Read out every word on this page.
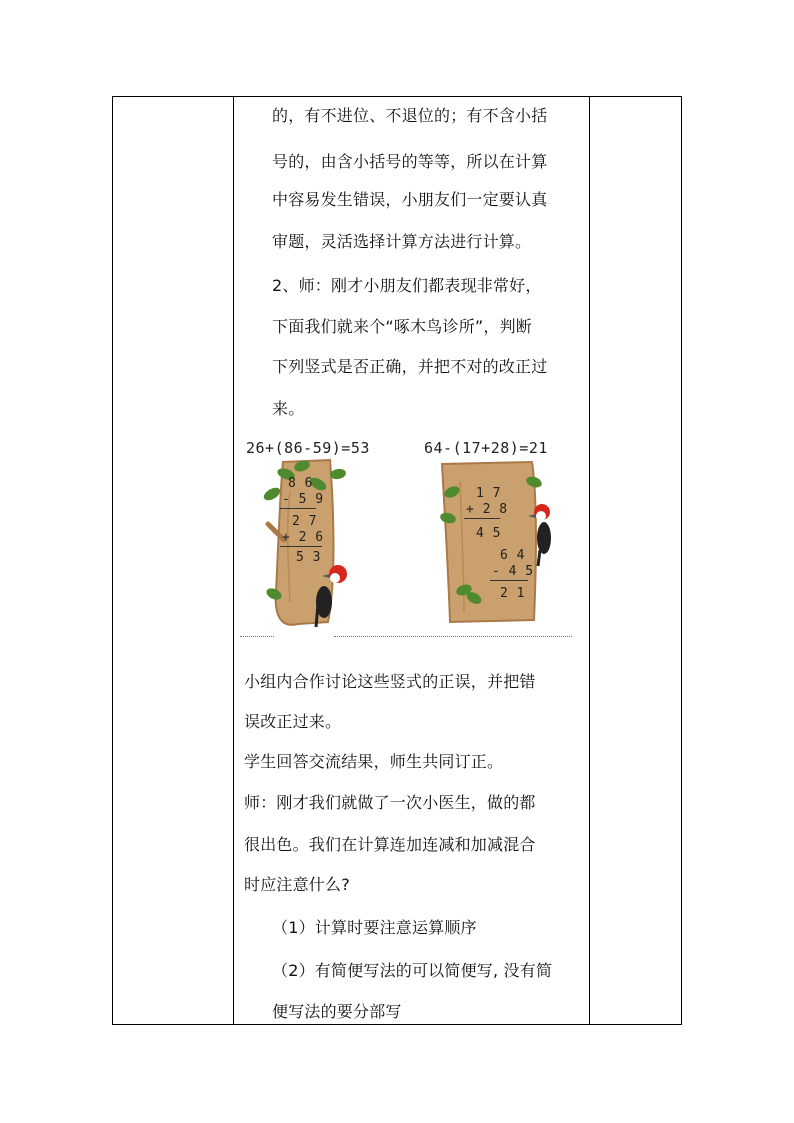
的，有不进位、不退位的；有不含小括
号的，由含小括号的等等，所以在计算
中容易发生错误，小朋友们一定要认真
审题，灵活选择计算方法进行计算。
2、师：刚才小朋友们都表现非常好，
下面我们就来个“啄木鸟诊所”，判断
下列竖式是否正确，并把不对的改正过
来。
26+(86-59)=53	64-(17+28)=21
8 6
- 5 9
2 7
+ 2 6
5 3
1 7
+ 2 8
4 5
6 4
- 4 5
2 1
小组内合作讨论这些竖式的正误，并把错
误改正过来。
学生回答交流结果，师生共同订正。
师：刚才我们就做了一次小医生，做的都
很出色。我们在计算连加连减和加减混合
时应注意什么?
（1）计算时要注意运算顺序
（2）有简便写法的可以简便写, 没有简
便写法的要分部写
